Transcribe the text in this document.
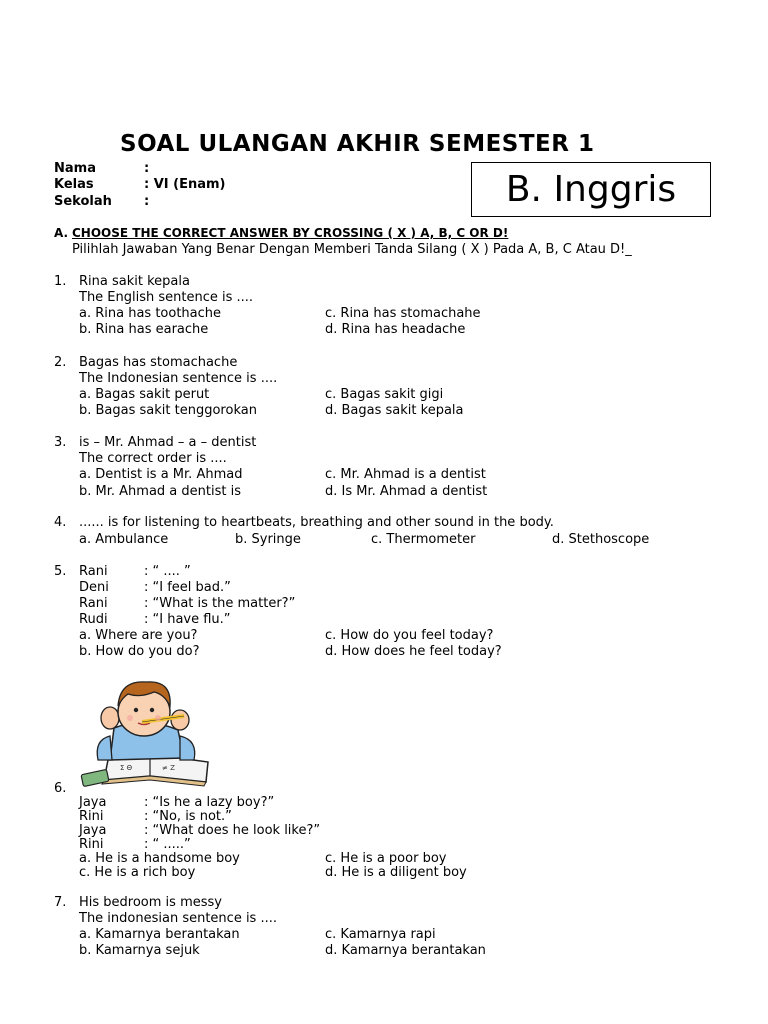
SOAL ULANGAN AKHIR SEMESTER 1
B. Inggris
Nama	:
Kelas	: VI (Enam)
Sekolah :
A. CHOOSE THE CORRECT ANSWER BY CROSSING ( X ) A, B, C OR D!
Pilihlah Jawaban Yang Benar Dengan Memberi Tanda Silang ( X ) Pada A, B, C Atau D!_
1. Rina sakit kepala
The English sentence is ....
a. Rina has toothache	c. Rina has stomachahe
b. Rina has earache	d. Rina has headache
2. Bagas has stomachache
The Indonesian sentence is ....
a. Bagas sakit perut	c. Bagas sakit gigi
b. Bagas sakit tenggorokan	d. Bagas sakit kepala
3. is – Mr. Ahmad – a – dentist
The correct order is ....
a. Dentist is a Mr. Ahmad	c. Mr. Ahmad is a dentist
b. Mr. Ahmad a dentist is	d. Is Mr. Ahmad a dentist
4. ...... is for listening to heartbeats, breathing and other sound in the body.
a. Ambulance	b. Syringe	c. Thermometer	d. Stethoscope
5. Rani	: “ .... ”
Deni	: “I feel bad.”
Rani	: “What is the matter?”
Rudi	: “I have flu.”
a. Where are you?	c. How do you feel today?
b. How do you do?	d. How does he feel today?
Σ Θ	≠ Ζ
6.
Jaya	: “Is he a lazy boy?”
Rini	: “No, is not.”
Jaya	: “What does he look like?”
Rini	: “ .....”
a. He is a handsome boy	c. He is a poor boy
c. He is a rich boy	d. He is a diligent boy
7. His bedroom is messy
The indonesian sentence is ....
a. Kamarnya berantakan	c. Kamarnya rapi
b. Kamarnya sejuk	d. Kamarnya berantakan
